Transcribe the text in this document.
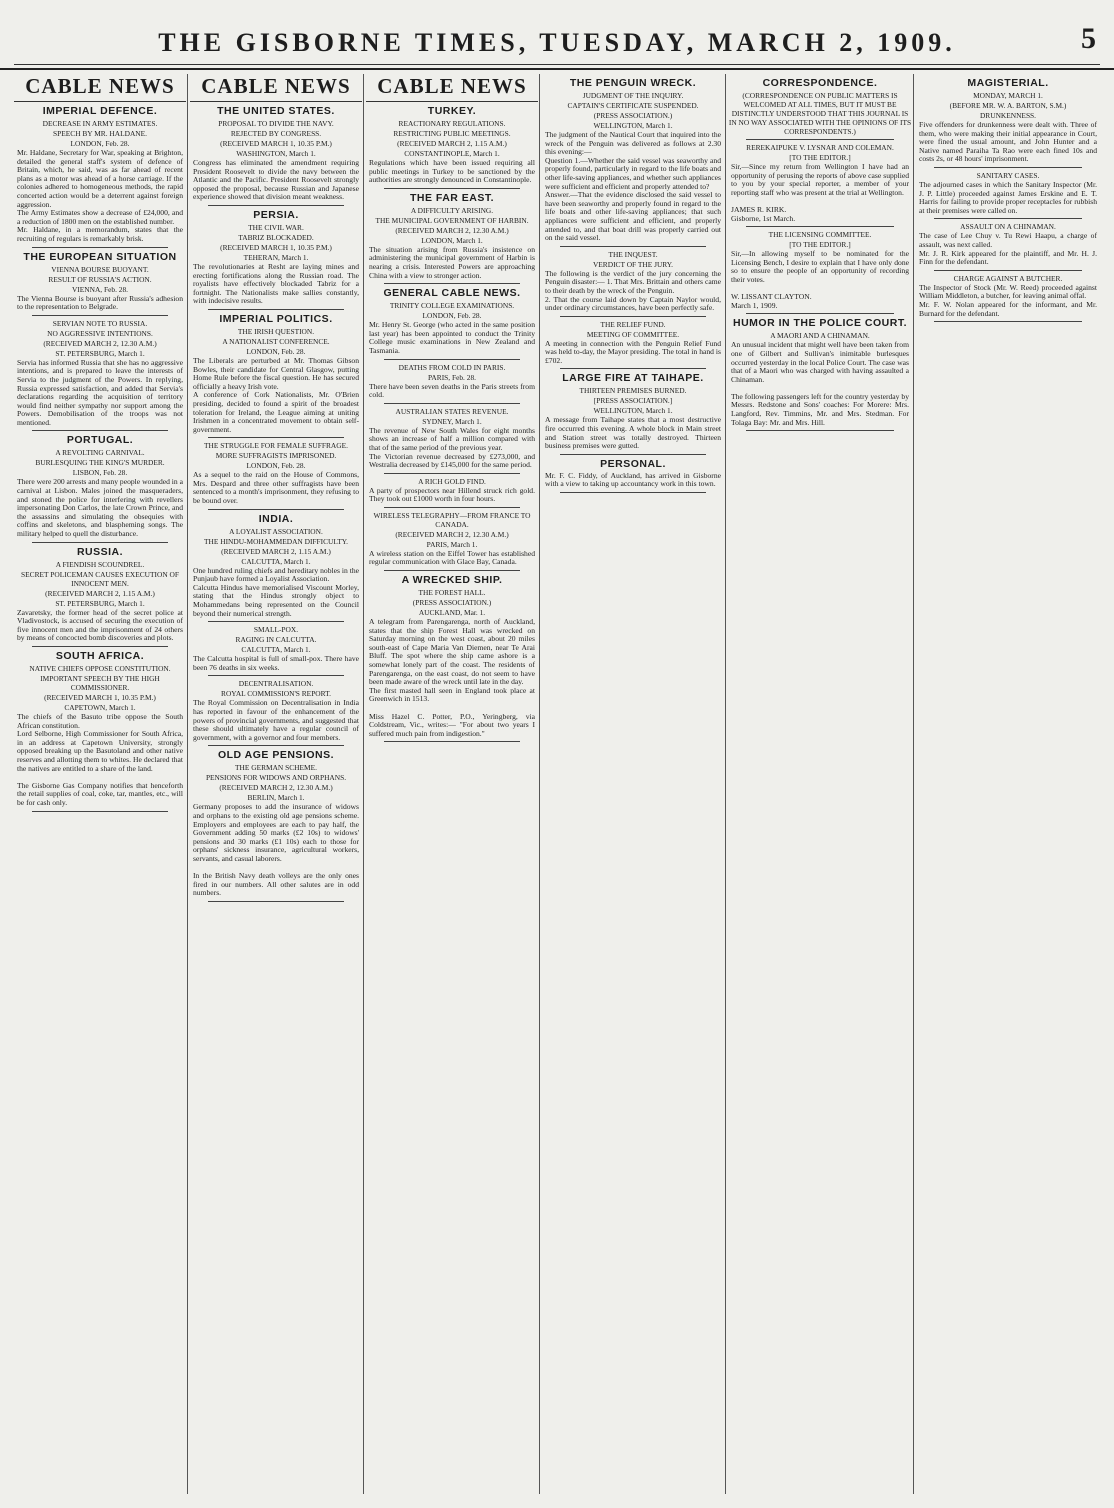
THE GISBORNE TIMES, TUESDAY, MARCH 2, 1909.	5
CABLE NEWS
IMPERIAL DEFENCE.
DECREASE IN ARMY ESTIMATES.
SPEECH BY MR. HALDANE.
LONDON, Feb. 28.
Mr. Haldane, Secretary for War, speaking at Brighton, detailed the general staff's system of defence of Britain, which, he said, was as far ahead of recent plans as a motor was ahead of a horse carriage. If the colonies adhered to homogeneous methods, the rapid concerted action would be a deterrent against foreign aggression.
The Army Estimates show a decrease of £24,000, and a reduction of 1800 men on the established number.
Mr. Haldane, in a memorandum, states that the recruiting of regulars is remarkably brisk.
THE EUROPEAN SITUATION
VIENNA BOURSE BUOYANT.
RESULT OF RUSSIA'S ACTION.
VIENNA, Feb. 28.
The Vienna Bourse is buoyant after Russia's adhesion to the representation to Belgrade.
SERVIAN NOTE TO RUSSIA.
NO AGGRESSIVE INTENTIONS.
(RECEIVED MARCH 2, 12.30 A.M.)
ST. PETERSBURG, March 1.
Servia has informed Russia that she has no aggressive intentions, and is prepared to leave the interests of Servia to the judgment of the Powers. In replying, Russia expressed satisfaction, and added that Servia's declarations regarding the acquisition of territory would find neither sympathy nor support among the Powers. Demobilisation of the troops was not mentioned.
PORTUGAL.
A REVOLTING CARNIVAL.
BURLESQUING THE KING'S MURDER.
LISBON, Feb. 28.
There were 200 arrests and many people wounded in a carnival at Lisbon. Males joined the masqueraders, and stoned the police for interfering with revellers impersonating Don Carlos, the late Crown Prince, and the assassins and simulating the obsequies with coffins and skeletons, and blaspheming songs. The military helped to quell the disturbance.
RUSSIA.
A FIENDISH SCOUNDREL.
SECRET POLICEMAN CAUSES EXECUTION OF INNOCENT MEN.
(RECEIVED MARCH 2, 1.15 A.M.)
ST. PETERSBURG, March 1.
Zavaretsky, the former head of the secret police at Vladivostock, is accused of securing the execution of five innocent men and the imprisonment of 24 others by means of concocted bomb discoveries and plots.
SOUTH AFRICA.
NATIVE CHIEFS OPPOSE CONSTITUTION.
IMPORTANT SPEECH BY THE HIGH COMMISSIONER.
(RECEIVED MARCH 1, 10.35 P.M.)
CAPETOWN, March 1.
The chiefs of the Basuto tribe oppose the South African constitution.
Lord Selborne, High Commissioner for South Africa, in an address at Capetown University, strongly opposed breaking up the Basutoland and other native reserves and allotting them to whites. He declared that the natives are entitled to a share of the land.

The Gisborne Gas Company notifies that henceforth the retail supplies of coal, coke, tar, mantles, etc., will be for cash only.
CABLE NEWS
THE UNITED STATES.
PROPOSAL TO DIVIDE THE NAVY.
REJECTED BY CONGRESS.
(RECEIVED MARCH 1, 10.35 P.M.)
WASHINGTON, March 1.
Congress has eliminated the amendment requiring President Roosevelt to divide the navy between the Atlantic and the Pacific. President Roosevelt strongly opposed the proposal, because Russian and Japanese experience showed that division meant weakness.
PERSIA.
THE CIVIL WAR.
TABRIZ BLOCKADED.
(RECEIVED MARCH 1, 10.35 P.M.)
TEHERAN, March 1.
The revolutionaries at Resht are laying mines and erecting fortifications along the Russian road. The royalists have effectively blockaded Tabriz for a fortnight. The Nationalists make sallies constantly, with indecisive results.
IMPERIAL POLITICS.
THE IRISH QUESTION.
A NATIONALIST CONFERENCE.
LONDON, Feb. 28.
The Liberals are perturbed at Mr. Thomas Gibson Bowles, their candidate for Central Glasgow, putting Home Rule before the fiscal question. He has secured officially a heavy Irish vote.
A conference of Cork Nationalists, Mr. O'Brien presiding, decided to found a spirit of the broadest toleration for Ireland, the League aiming at uniting Irishmen in a concentrated movement to obtain self-government.
THE STRUGGLE FOR FEMALE SUFFRAGE.
MORE SUFFRAGISTS IMPRISONED.
LONDON, Feb. 28.
As a sequel to the raid on the House of Commons, Mrs. Despard and three other suffragists have been sentenced to a month's imprisonment, they refusing to be bound over.
INDIA.
A LOYALIST ASSOCIATION.
THE HINDU-MOHAMMEDAN DIFFICULTY.
(RECEIVED MARCH 2, 1.15 A.M.)
CALCUTTA, March 1.
One hundred ruling chiefs and hereditary nobles in the Punjaub have formed a Loyalist Association.
Calcutta Hindus have memorialised Viscount Morley, stating that the Hindus strongly object to Mohammedans being represented on the Council beyond their numerical strength.
SMALL-POX.
RAGING IN CALCUTTA.
CALCUTTA, March 1.
The Calcutta hospital is full of small-pox. There have been 76 deaths in six weeks.
DECENTRALISATION.
ROYAL COMMISSION'S REPORT.
The Royal Commission on Decentralisation in India has reported in favour of the enhancement of the powers of provincial governments, and suggested that these should ultimately have a regular council of government, with a governor and four members.
OLD AGE PENSIONS.
THE GERMAN SCHEME.
PENSIONS FOR WIDOWS AND ORPHANS.
(RECEIVED MARCH 2, 12.30 A.M.)
BERLIN, March 1.
Germany proposes to add the insurance of widows and orphans to the existing old age pensions scheme. Employers and employees are each to pay half, the Government adding 50 marks (£2 10s) to widows' pensions and 30 marks (£1 10s) each to those for orphans' sickness insurance, agricultural workers, servants, and casual laborers.

In the British Navy death volleys are the only ones fired in our numbers. All other salutes are in odd numbers.
CABLE NEWS
TURKEY.
REACTIONARY REGULATIONS.
RESTRICTING PUBLIC MEETINGS.
(RECEIVED MARCH 2, 1.15 A.M.)
CONSTANTINOPLE, March 1.
Regulations which have been issued requiring all public meetings in Turkey to be sanctioned by the authorities are strongly denounced in Constantinople.
THE FAR EAST.
A DIFFICULTY ARISING.
THE MUNICIPAL GOVERNMENT OF HARBIN.
(RECEIVED MARCH 2, 12.30 A.M.)
LONDON, March 1.
The situation arising from Russia's insistence on administering the municipal government of Harbin is nearing a crisis. Interested Powers are approaching China with a view to stronger action.
GENERAL CABLE NEWS.
TRINITY COLLEGE EXAMINATIONS.
LONDON, Feb. 28.
Mr. Henry St. George (who acted in the same position last year) has been appointed to conduct the Trinity College music examinations in New Zealand and Tasmania.
DEATHS FROM COLD IN PARIS.
PARIS, Feb. 28.
There have been seven deaths in the Paris streets from cold.
AUSTRALIAN STATES REVENUE.
SYDNEY, March 1.
The revenue of New South Wales for eight months shows an increase of half a million compared with that of the same period of the previous year.
The Victorian revenue decreased by £273,000, and Westralia decreased by £145,000 for the same period.
A RICH GOLD FIND.
A party of prospectors near Hillend struck rich gold. They took out £1000 worth in four hours.
WIRELESS TELEGRAPHY—FROM FRANCE TO CANADA.
(RECEIVED MARCH 2, 12.30 A.M.)
PARIS, March 1.
A wireless station on the Eiffel Tower has established regular communication with Glace Bay, Canada.
A WRECKED SHIP.
THE FOREST HALL.
(PRESS ASSOCIATION.)
AUCKLAND, Mar. 1.
A telegram from Parengarenga, north of Auckland, states that the ship Forest Hall was wrecked on Saturday morning on the west coast, about 20 miles south-east of Cape Maria Van Diemen, near Te Arai Bluff. The spot where the ship came ashore is a somewhat lonely part of the coast. The residents of Parengarenga, on the east coast, do not seem to have been made aware of the wreck until late in the day.
The first masted hall seen in England took place at Greenwich in 1513.

Miss Hazel C. Potter, P.O., Yeringberg, via Coldstream, Vic., writes:— "For about two years I suffered much pain from indigestion."
THE PENGUIN WRECK.
JUDGMENT OF THE INQUIRY.
CAPTAIN'S CERTIFICATE SUSPENDED.
(PRESS ASSOCIATION.)
WELLINGTON, March 1.
The judgment of the Nautical Court that inquired into the wreck of the Penguin was delivered as follows at 2.30 this evening:—
Question 1.—Whether the said vessel was seaworthy and properly found, particularly in regard to the life boats and other life-saving appliances, and whether such appliances were sufficient and efficient and properly attended to?
Answer.—That the evidence disclosed the said vessel to have been seaworthy and properly found in regard to the life boats and other life-saving appliances; that such appliances were sufficient and efficient, and properly attended to, and that boat drill was properly carried out on the said vessel.
THE INQUEST.
VERDICT OF THE JURY.
The following is the verdict of the jury concerning the Penguin disaster:— 1. That Mrs. Brittain and others came to their death by the wreck of the Penguin.
2. That the course laid down by Captain Naylor would, under ordinary circumstances, have been perfectly safe.
THE RELIEF FUND.
MEETING OF COMMITTEE.
A meeting in connection with the Penguin Relief Fund was held to-day, the Mayor presiding. The total in hand is £702.
LARGE FIRE AT TAIHAPE.
THIRTEEN PREMISES BURNED.
[PRESS ASSOCIATION.]
WELLINGTON, March 1.
A message from Taihape states that a most destructive fire occurred this evening. A whole block in Main street and Station street was totally destroyed. Thirteen business premises were gutted.
PERSONAL.
Mr. F. C. Fiddy, of Auckland, has arrived in Gisborne with a view to taking up accountancy work in this town.
CORRESPONDENCE.
(CORRESPONDENCE ON PUBLIC MATTERS IS WELCOMED AT ALL TIMES, BUT IT MUST BE DISTINCTLY UNDERSTOOD THAT THIS JOURNAL IS IN NO WAY ASSOCIATED WITH THE OPINIONS OF ITS CORRESPONDENTS.)
REREKAIPUKE V. LYSNAR AND COLEMAN.
[TO THE EDITOR.]
Sir,—Since my return from Wellington I have had an opportunity of perusing the reports of above case supplied to you by your special reporter, a member of your reporting staff who was present at the trial at Wellington.

JAMES R. KIRK.
Gisborne, 1st March.
THE LICENSING COMMITTEE.
[TO THE EDITOR.]
Sir,—In allowing myself to be nominated for the Licensing Bench, I desire to explain that I have only done so to ensure the people of an opportunity of recording their votes.

W. LISSANT CLAYTON.
March 1, 1909.
HUMOR IN THE POLICE COURT.
A MAORI AND A CHINAMAN.
An unusual incident that might well have been taken from one of Gilbert and Sullivan's inimitable burlesques occurred yesterday in the local Police Court. The case was that of a Maori who was charged with having assaulted a Chinaman.

The following passengers left for the country yesterday by Messrs. Redstone and Sons' coaches: For Morere: Mrs. Langford, Rev. Timmins, Mr. and Mrs. Stedman. For Tolaga Bay: Mr. and Mrs. Hill.
MAGISTERIAL.
MONDAY, MARCH 1.
(BEFORE MR. W. A. BARTON, S.M.)
DRUNKENNESS.
Five offenders for drunkenness were dealt with. Three of them, who were making their initial appearance in Court, were fined the usual amount, and John Hunter and a Native named Paraiha Ta Rao were each fined 10s and costs 2s, or 48 hours' imprisonment.
SANITARY CASES.
The adjourned cases in which the Sanitary Inspector (Mr. J. P. Little) proceeded against James Erskine and E. T. Harris for failing to provide proper receptacles for rubbish at their premises were called on.
ASSAULT ON A CHINAMAN.
The case of Lee Chuy v. Tu Rewi Haapu, a charge of assault, was next called.
Mr. J. R. Kirk appeared for the plaintiff, and Mr. H. J. Finn for the defendant.
CHARGE AGAINST A BUTCHER.
The Inspector of Stock (Mr. W. Reed) proceeded against William Middleton, a butcher, for leaving animal offal.
Mr. F. W. Nolan appeared for the informant, and Mr. Burnard for the defendant.
